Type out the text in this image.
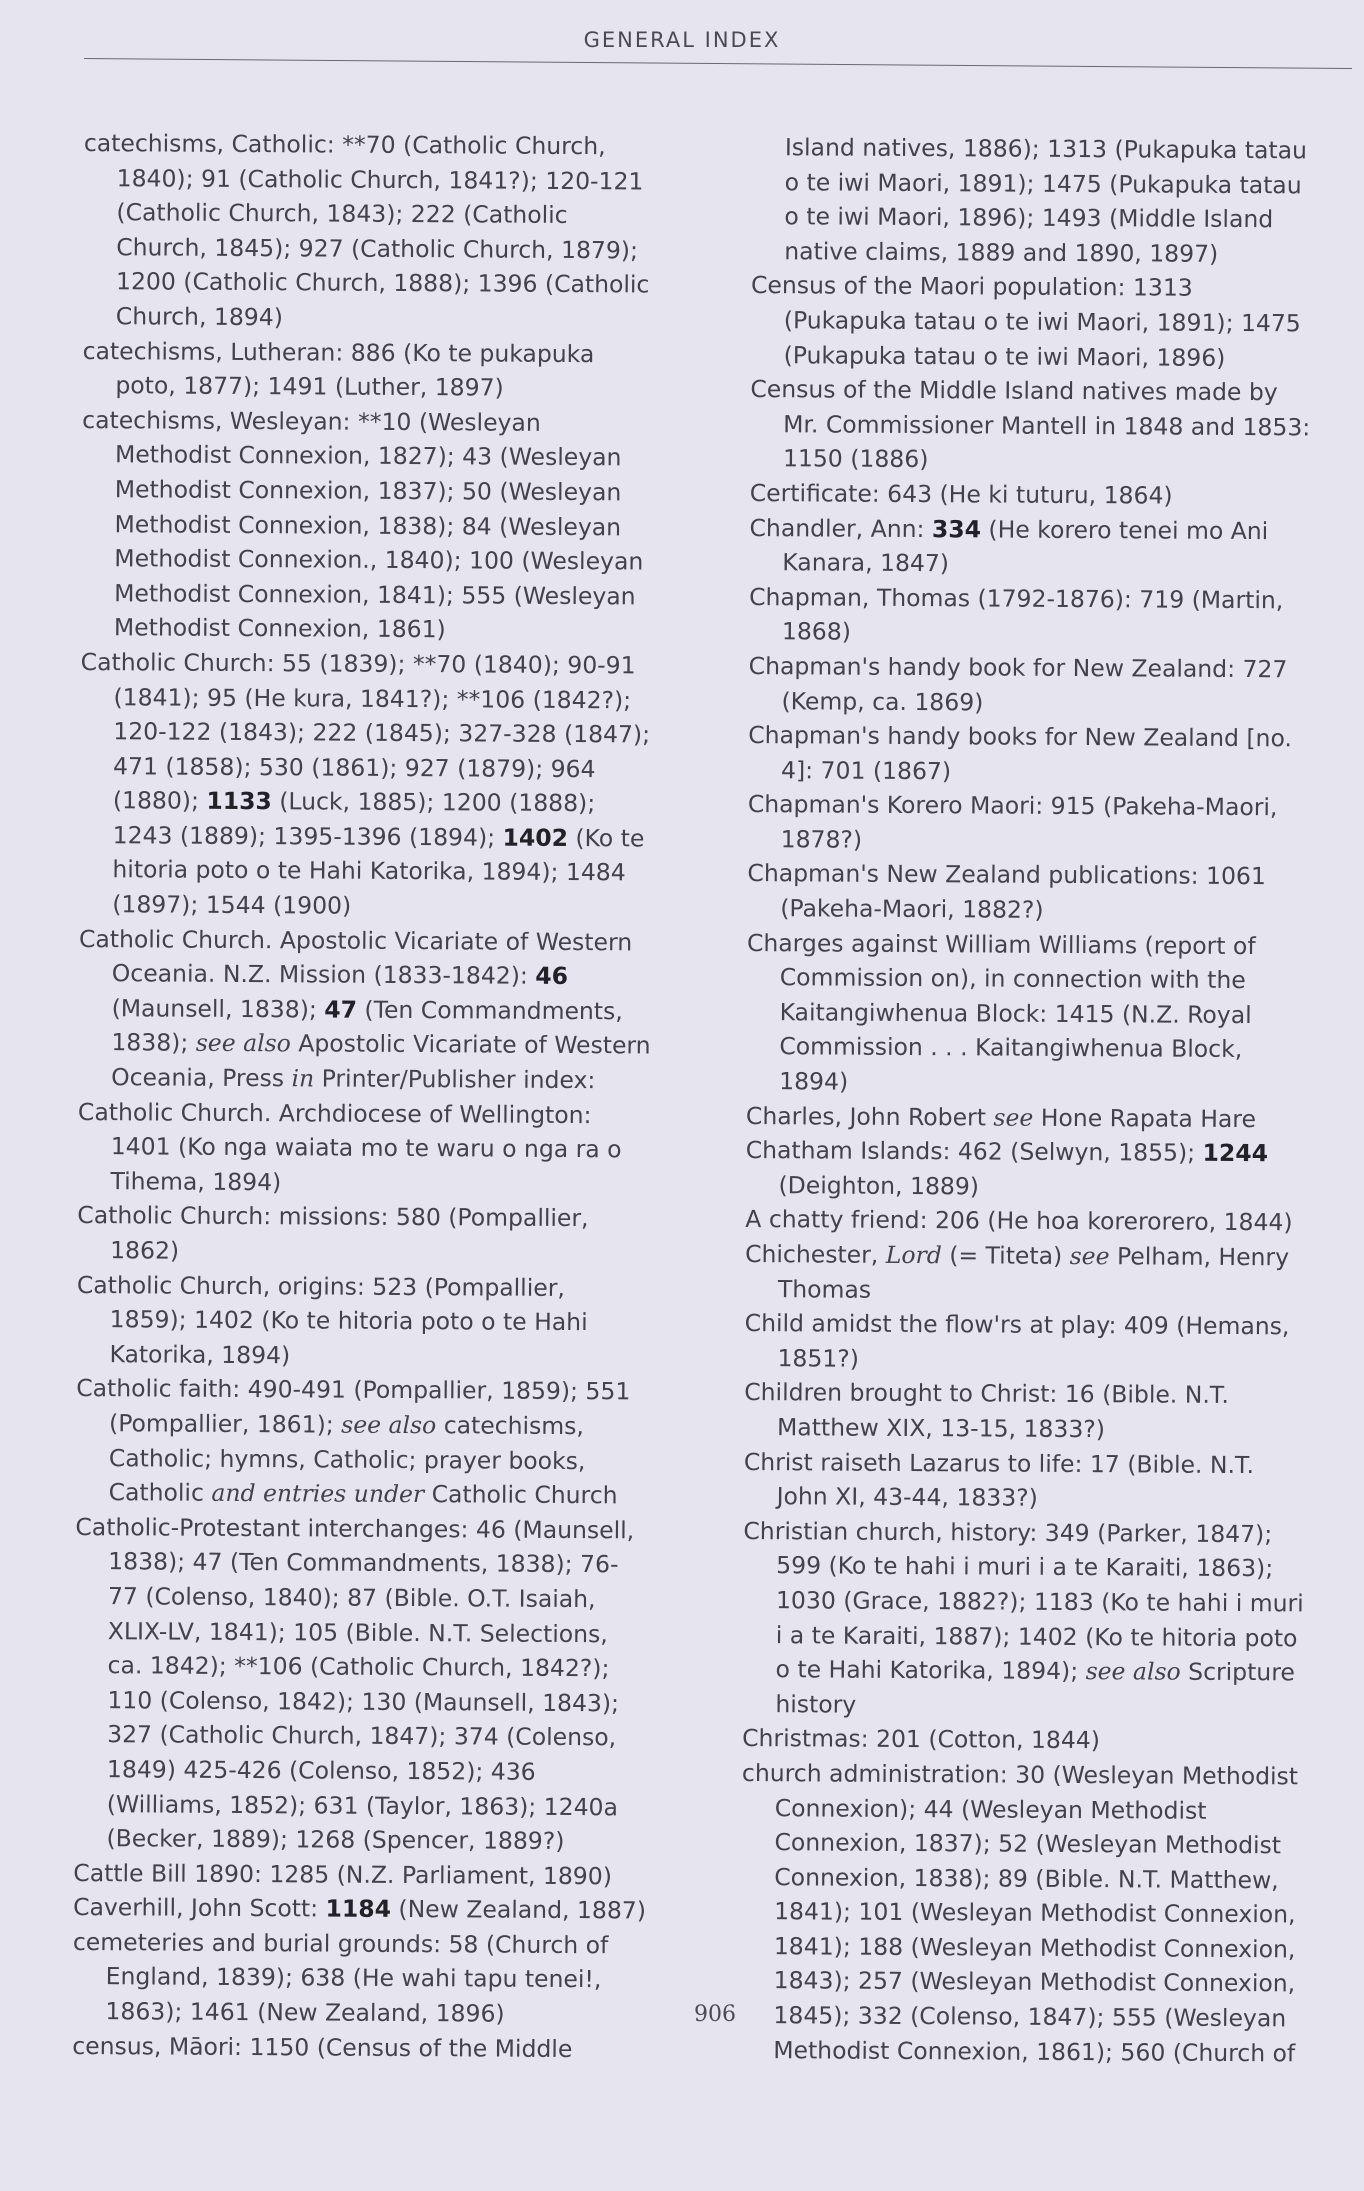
GENERAL INDEX
catechisms, Catholic: **70 (Catholic Church,
1840); 91 (Catholic Church, 1841?); 120-121
(Catholic Church, 1843); 222 (Catholic
Church, 1845); 927 (Catholic Church, 1879);
1200 (Catholic Church, 1888); 1396 (Catholic
Church, 1894)
catechisms, Lutheran: 886 (Ko te pukapuka
poto, 1877); 1491 (Luther, 1897)
catechisms, Wesleyan: **10 (Wesleyan
Methodist Connexion, 1827); 43 (Wesleyan
Methodist Connexion, 1837); 50 (Wesleyan
Methodist Connexion, 1838); 84 (Wesleyan
Methodist Connexion., 1840); 100 (Wesleyan
Methodist Connexion, 1841); 555 (Wesleyan
Methodist Connexion, 1861)
Catholic Church: 55 (1839); **70 (1840); 90-91
(1841); 95 (He kura, 1841?); **106 (1842?);
120-122 (1843); 222 (1845); 327-328 (1847);
471 (1858); 530 (1861); 927 (1879); 964
(1880); 1133 (Luck, 1885); 1200 (1888);
1243 (1889); 1395-1396 (1894); 1402 (Ko te
hitoria poto o te Hahi Katorika, 1894); 1484
(1897); 1544 (1900)
Catholic Church. Apostolic Vicariate of Western
Oceania. N.Z. Mission (1833-1842): 46
(Maunsell, 1838); 47 (Ten Commandments,
1838); see also Apostolic Vicariate of Western
Oceania, Press in Printer/Publisher index:
Catholic Church. Archdiocese of Wellington:
1401 (Ko nga waiata mo te waru o nga ra o
Tihema, 1894)
Catholic Church: missions: 580 (Pompallier,
1862)
Catholic Church, origins: 523 (Pompallier,
1859); 1402 (Ko te hitoria poto o te Hahi
Katorika, 1894)
Catholic faith: 490-491 (Pompallier, 1859); 551
(Pompallier, 1861); see also catechisms,
Catholic; hymns, Catholic; prayer books,
Catholic and entries under Catholic Church
Catholic-Protestant interchanges: 46 (Maunsell,
1838); 47 (Ten Commandments, 1838); 76-
77 (Colenso, 1840); 87 (Bible. O.T. Isaiah,
XLIX-LV, 1841); 105 (Bible. N.T. Selections,
ca. 1842); **106 (Catholic Church, 1842?);
110 (Colenso, 1842); 130 (Maunsell, 1843);
327 (Catholic Church, 1847); 374 (Colenso,
1849) 425-426 (Colenso, 1852); 436
(Williams, 1852); 631 (Taylor, 1863); 1240a
(Becker, 1889); 1268 (Spencer, 1889?)
Cattle Bill 1890: 1285 (N.Z. Parliament, 1890)
Caverhill, John Scott: 1184 (New Zealand, 1887)
cemeteries and burial grounds: 58 (Church of
England, 1839); 638 (He wahi tapu tenei!,
1863); 1461 (New Zealand, 1896)
census, Māori: 1150 (Census of the Middle
Island natives, 1886); 1313 (Pukapuka tatau
o te iwi Maori, 1891); 1475 (Pukapuka tatau
o te iwi Maori, 1896); 1493 (Middle Island
native claims, 1889 and 1890, 1897)
Census of the Maori population: 1313
(Pukapuka tatau o te iwi Maori, 1891); 1475
(Pukapuka tatau o te iwi Maori, 1896)
Census of the Middle Island natives made by
Mr. Commissioner Mantell in 1848 and 1853:
1150 (1886)
Certificate: 643 (He ki tuturu, 1864)
Chandler, Ann: 334 (He korero tenei mo Ani
Kanara, 1847)
Chapman, Thomas (1792-1876): 719 (Martin,
1868)
Chapman's handy book for New Zealand: 727
(Kemp, ca. 1869)
Chapman's handy books for New Zealand [no.
4]: 701 (1867)
Chapman's Korero Maori: 915 (Pakeha-Maori,
1878?)
Chapman's New Zealand publications: 1061
(Pakeha-Maori, 1882?)
Charges against William Williams (report of
Commission on), in connection with the
Kaitangiwhenua Block: 1415 (N.Z. Royal
Commission . . . Kaitangiwhenua Block,
1894)
Charles, John Robert see Hone Rapata Hare
Chatham Islands: 462 (Selwyn, 1855); 1244
(Deighton, 1889)
A chatty friend: 206 (He hoa korerorero, 1844)
Chichester, Lord (= Titeta) see Pelham, Henry
Thomas
Child amidst the flow'rs at play: 409 (Hemans,
1851?)
Children brought to Christ: 16 (Bible. N.T.
Matthew XIX, 13-15, 1833?)
Christ raiseth Lazarus to life: 17 (Bible. N.T.
John XI, 43-44, 1833?)
Christian church, history: 349 (Parker, 1847);
599 (Ko te hahi i muri i a te Karaiti, 1863);
1030 (Grace, 1882?); 1183 (Ko te hahi i muri
i a te Karaiti, 1887); 1402 (Ko te hitoria poto
o te Hahi Katorika, 1894); see also Scripture
history
Christmas: 201 (Cotton, 1844)
church administration: 30 (Wesleyan Methodist
Connexion); 44 (Wesleyan Methodist
Connexion, 1837); 52 (Wesleyan Methodist
Connexion, 1838); 89 (Bible. N.T. Matthew,
1841); 101 (Wesleyan Methodist Connexion,
1841); 188 (Wesleyan Methodist Connexion,
1843); 257 (Wesleyan Methodist Connexion,
1845); 332 (Colenso, 1847); 555 (Wesleyan
Methodist Connexion, 1861); 560 (Church of
906
